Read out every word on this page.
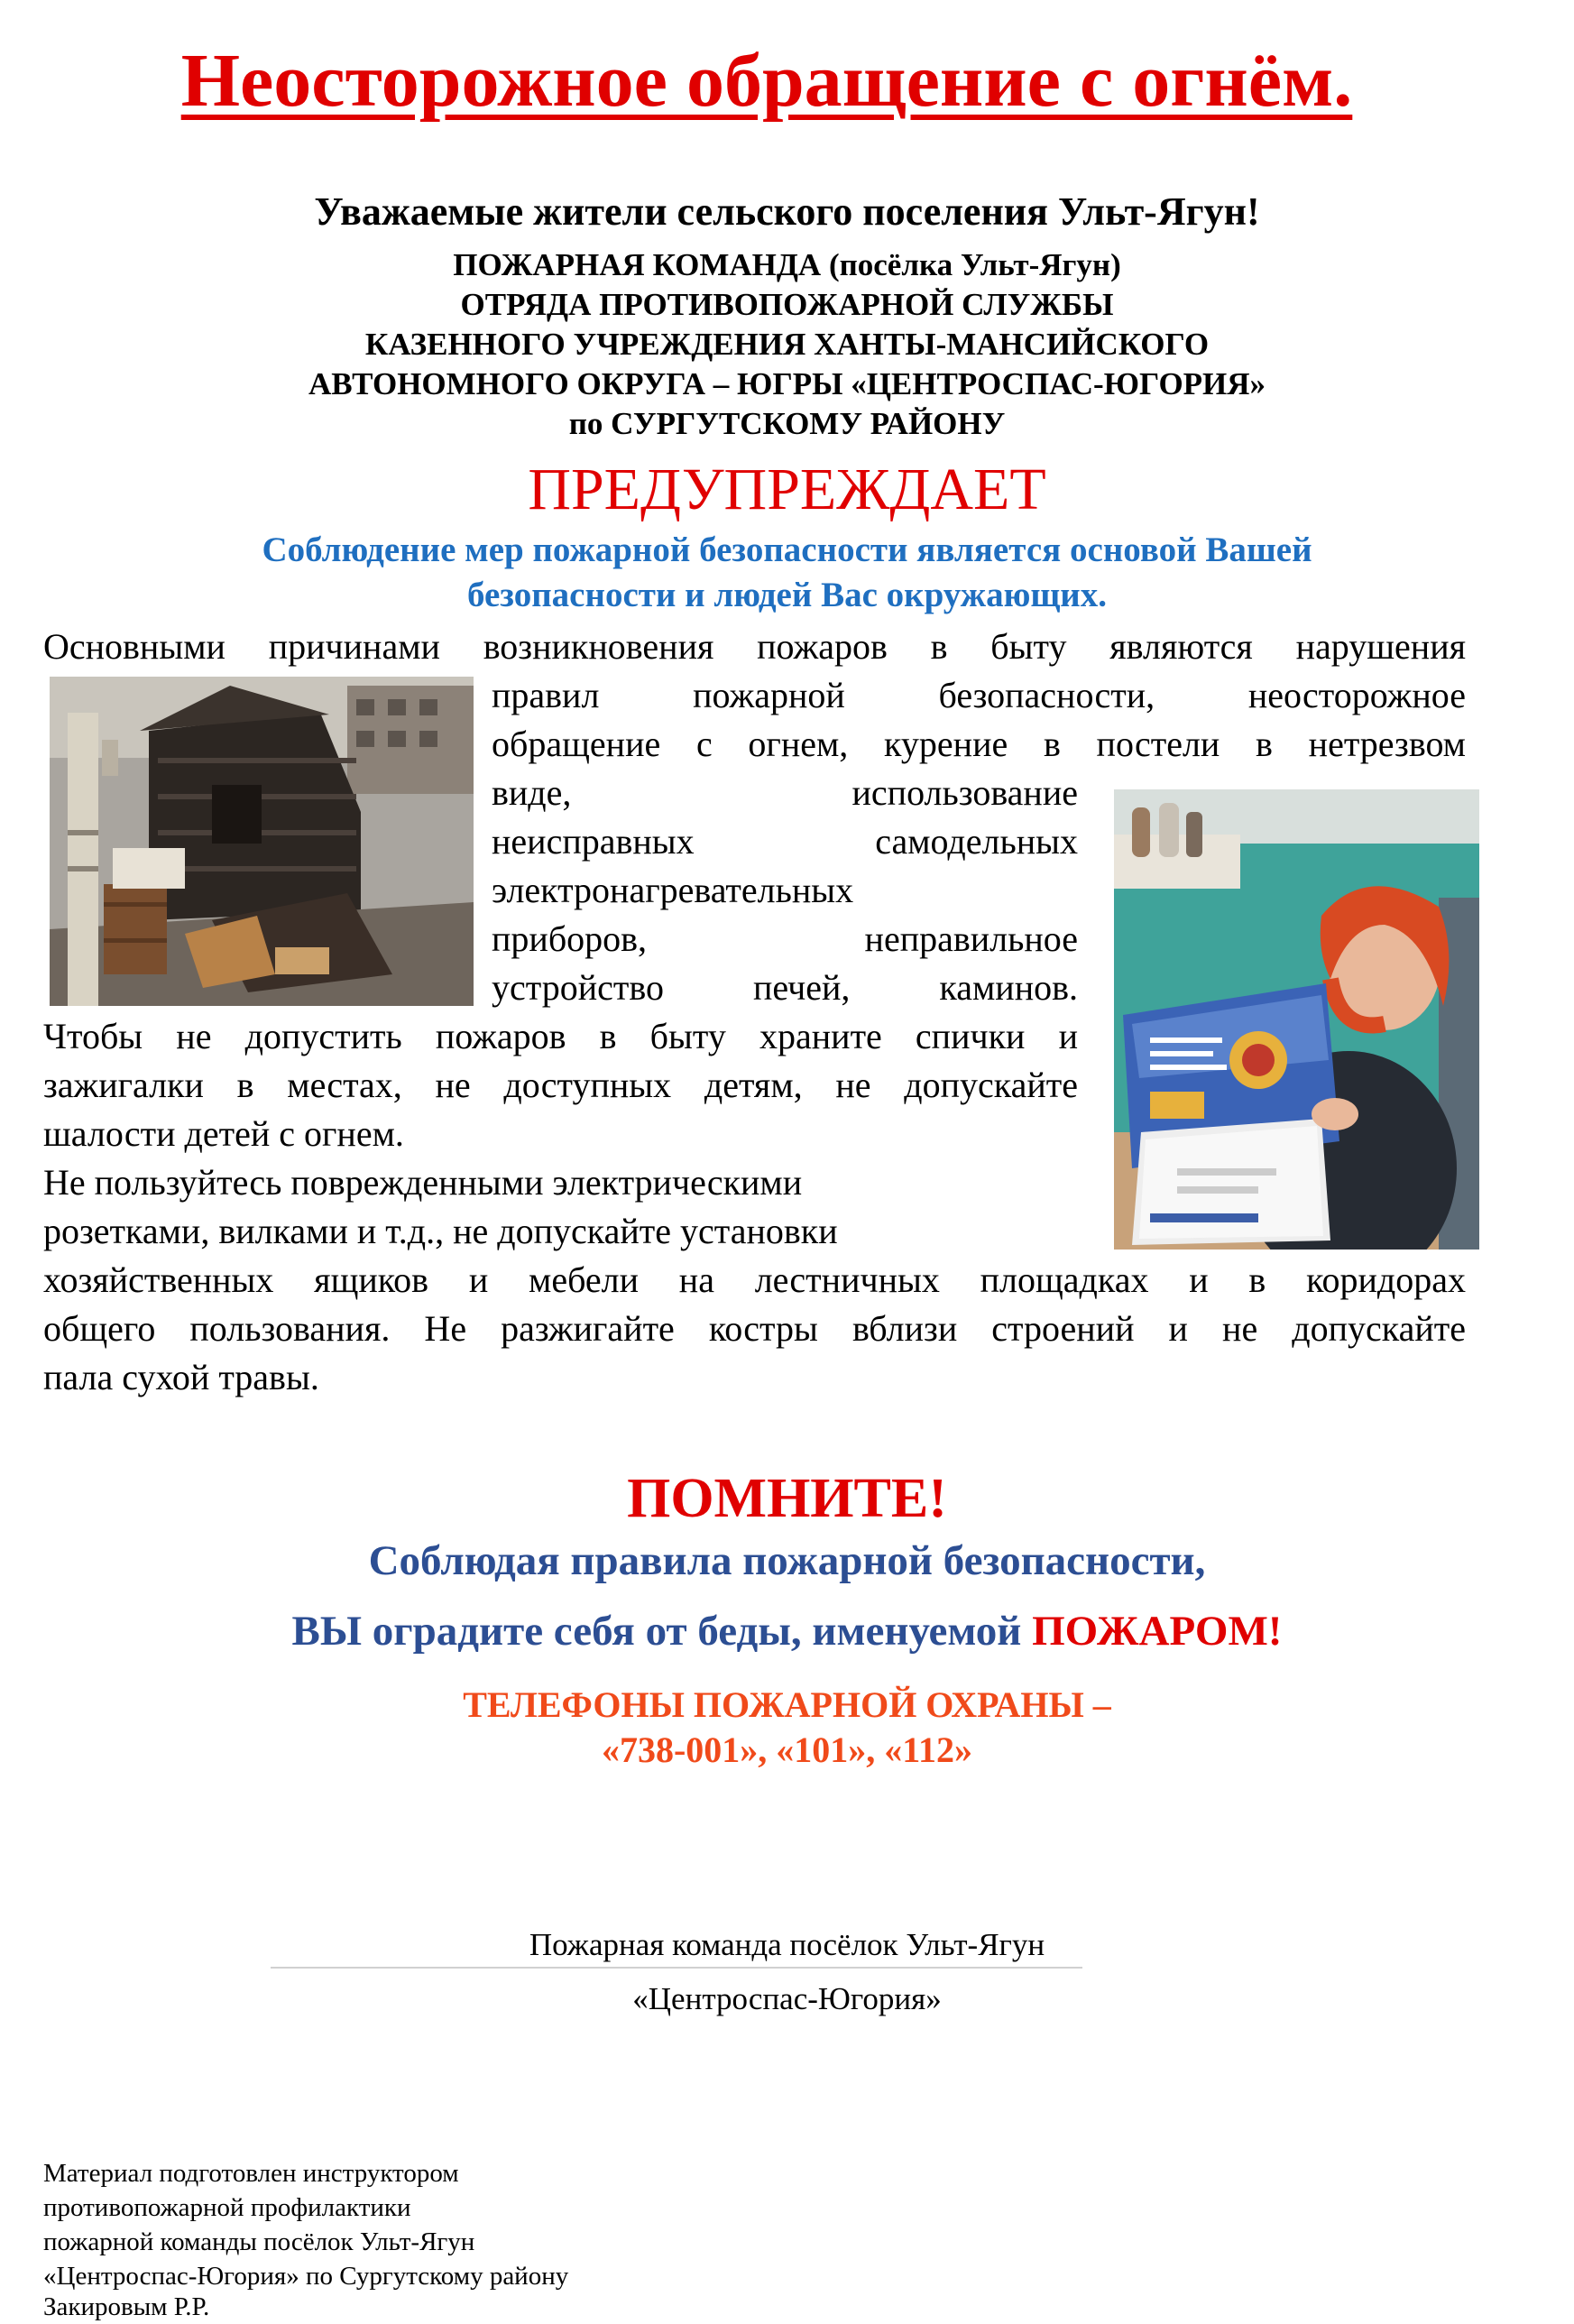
Неосторожное обращение с огнём.
Уважаемые жители сельского поселения Ульт-Ягун!
ПОЖАРНАЯ КОМАНДА (посёлка Ульт-Ягун)
ОТРЯДА ПРОТИВОПОЖАРНОЙ СЛУЖБЫ
КАЗЕННОГО УЧРЕЖДЕНИЯ ХАНТЫ-МАНСИЙСКОГО
АВТОНОМНОГО ОКРУГА – ЮГРЫ «ЦЕНТРОСПАС-ЮГОРИЯ»
по СУРГУТСКОМУ РАЙОНУ
ПРЕДУПРЕЖДАЕТ
Соблюдение мер пожарной безопасности является основой Вашей
безопасности и людей Вас окружающих.
Основными причинами возникновения пожаров в быту являются нарушения
правил пожарной безопасности, неосторожное
обращение с огнем, курение в постели в нетрезвом
виде, использование
неисправных самодельных
электронагревательных
приборов, неправильное
устройство печей, каминов.
Чтобы не допустить пожаров в быту храните спички и
зажигалки в местах, не доступных детям, не допускайте
шалости детей с огнем.
Не пользуйтесь поврежденными электрическими
розетками, вилками и т.д., не допускайте установки
хозяйственных ящиков и мебели на лестничных площадках и в коридорах
общего пользования. Не разжигайте костры вблизи строений и не допускайте
пала сухой травы.
ПОМНИТЕ!
Соблюдая правила пожарной безопасности,
ВЫ оградите себя от беды, именуемой ПОЖАРОМ!
ТЕЛЕФОНЫ ПОЖАРНОЙ ОХРАНЫ –
«738-001», «101», «112»
Пожарная команда посёлок Ульт-Ягун
«Центроспас-Югория»
Материал подготовлен инструктором
противопожарной профилактики
пожарной команды посёлок Ульт-Ягун
«Центроспас-Югория» по Сургутскому району
Закировым Р.Р.
